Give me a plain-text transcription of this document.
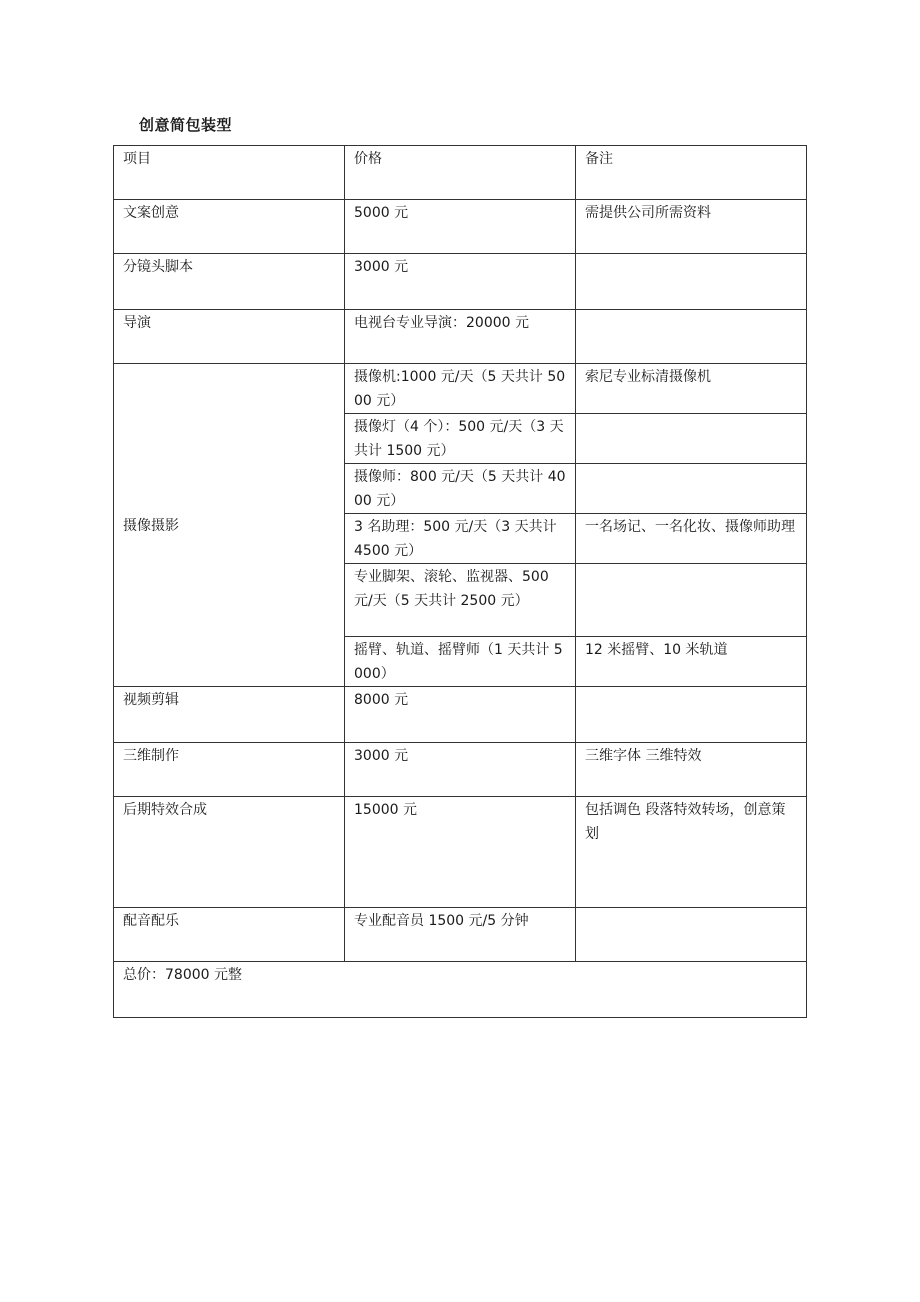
创意简包装型
项目	价格	备注
文案创意	5000 元	需提供公司所需资料
分镜头脚本	3000 元	
导演	电视台专业导演：20000 元	
摄像摄影	摄像机:1000 元/天（5 天共计 5000 元）	索尼专业标清摄像机
	摄像灯（4 个）：500 元/天（3 天共计 1500 元）	
	摄像师：800 元/天（5 天共计 4000 元）	
	3 名助理：500 元/天（3 天共计 4500 元）	一名场记、一名化妆、摄像师助理
	专业脚架、滚轮、监视器、500 元/天（5 天共计 2500 元）	
	摇臂、轨道、摇臂师（1 天共计 5000）	12 米摇臂、10 米轨道
视频剪辑	8000 元	
三维制作	3000 元	三维字体 三维特效
后期特效合成	15000 元	包括调色 段落特效转场，创意策划
配音配乐	专业配音员 1500 元/5 分钟	
总价：78000 元整		
